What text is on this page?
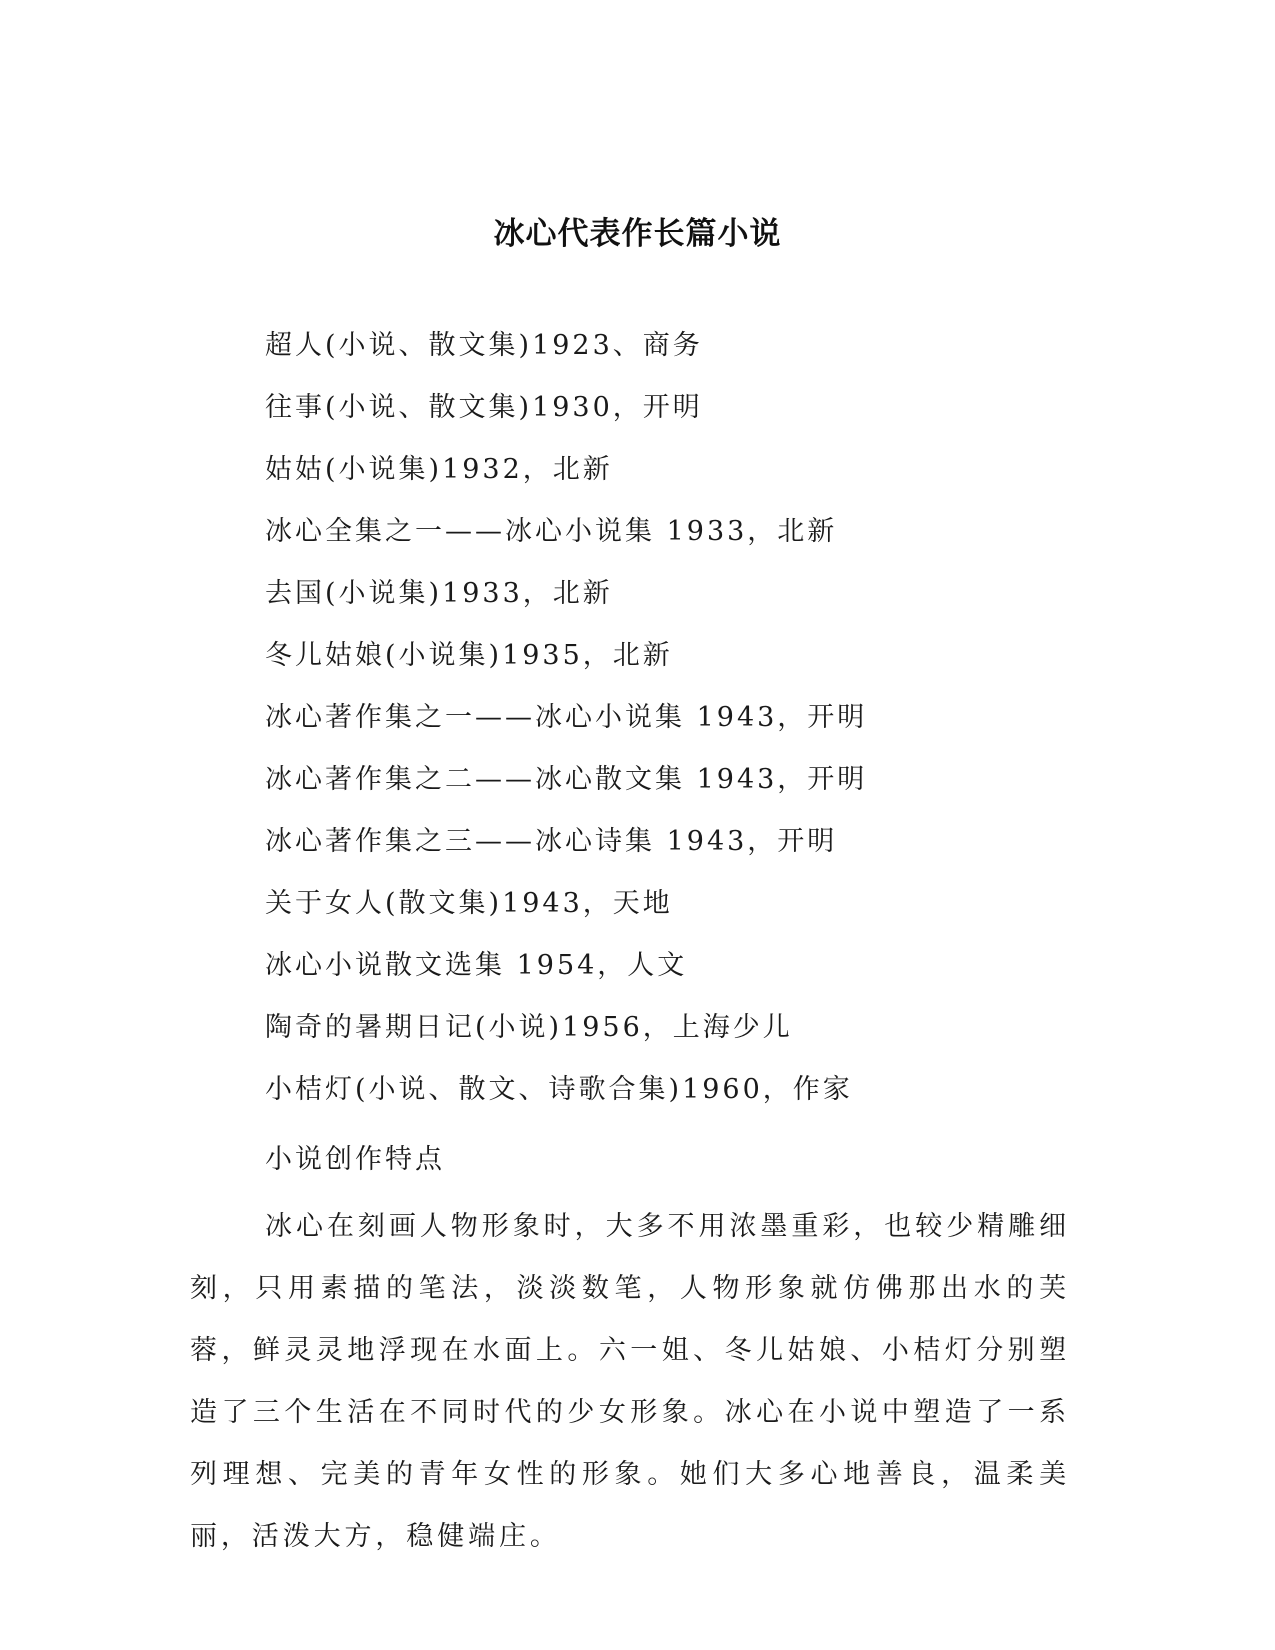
冰心代表作长篇小说
超人(小说、散文集)1923、商务
往事(小说、散文集)1930，开明
姑姑(小说集)1932，北新
冰心全集之一——冰心小说集 1933，北新
去国(小说集)1933，北新
冬儿姑娘(小说集)1935，北新
冰心著作集之一——冰心小说集 1943，开明
冰心著作集之二——冰心散文集 1943，开明
冰心著作集之三——冰心诗集 1943，开明
关于女人(散文集)1943，天地
冰心小说散文选集 1954，人文
陶奇的暑期日记(小说)1956，上海少儿
小桔灯(小说、散文、诗歌合集)1960，作家
小说创作特点

冰心在刻画人物形象时，大多不用浓墨重彩，也较少精雕细刻，只用素描的笔法，淡淡数笔，人物形象就仿佛那出水的芙蓉，鲜灵灵地浮现在水面上。六一姐、冬儿姑娘、小桔灯分别塑造了三个生活在不同时代的少女形象。冰心在小说中塑造了一系列理想、完美的青年女性的形象。她们大多心地善良，温柔美丽，活泼大方，稳健端庄。
